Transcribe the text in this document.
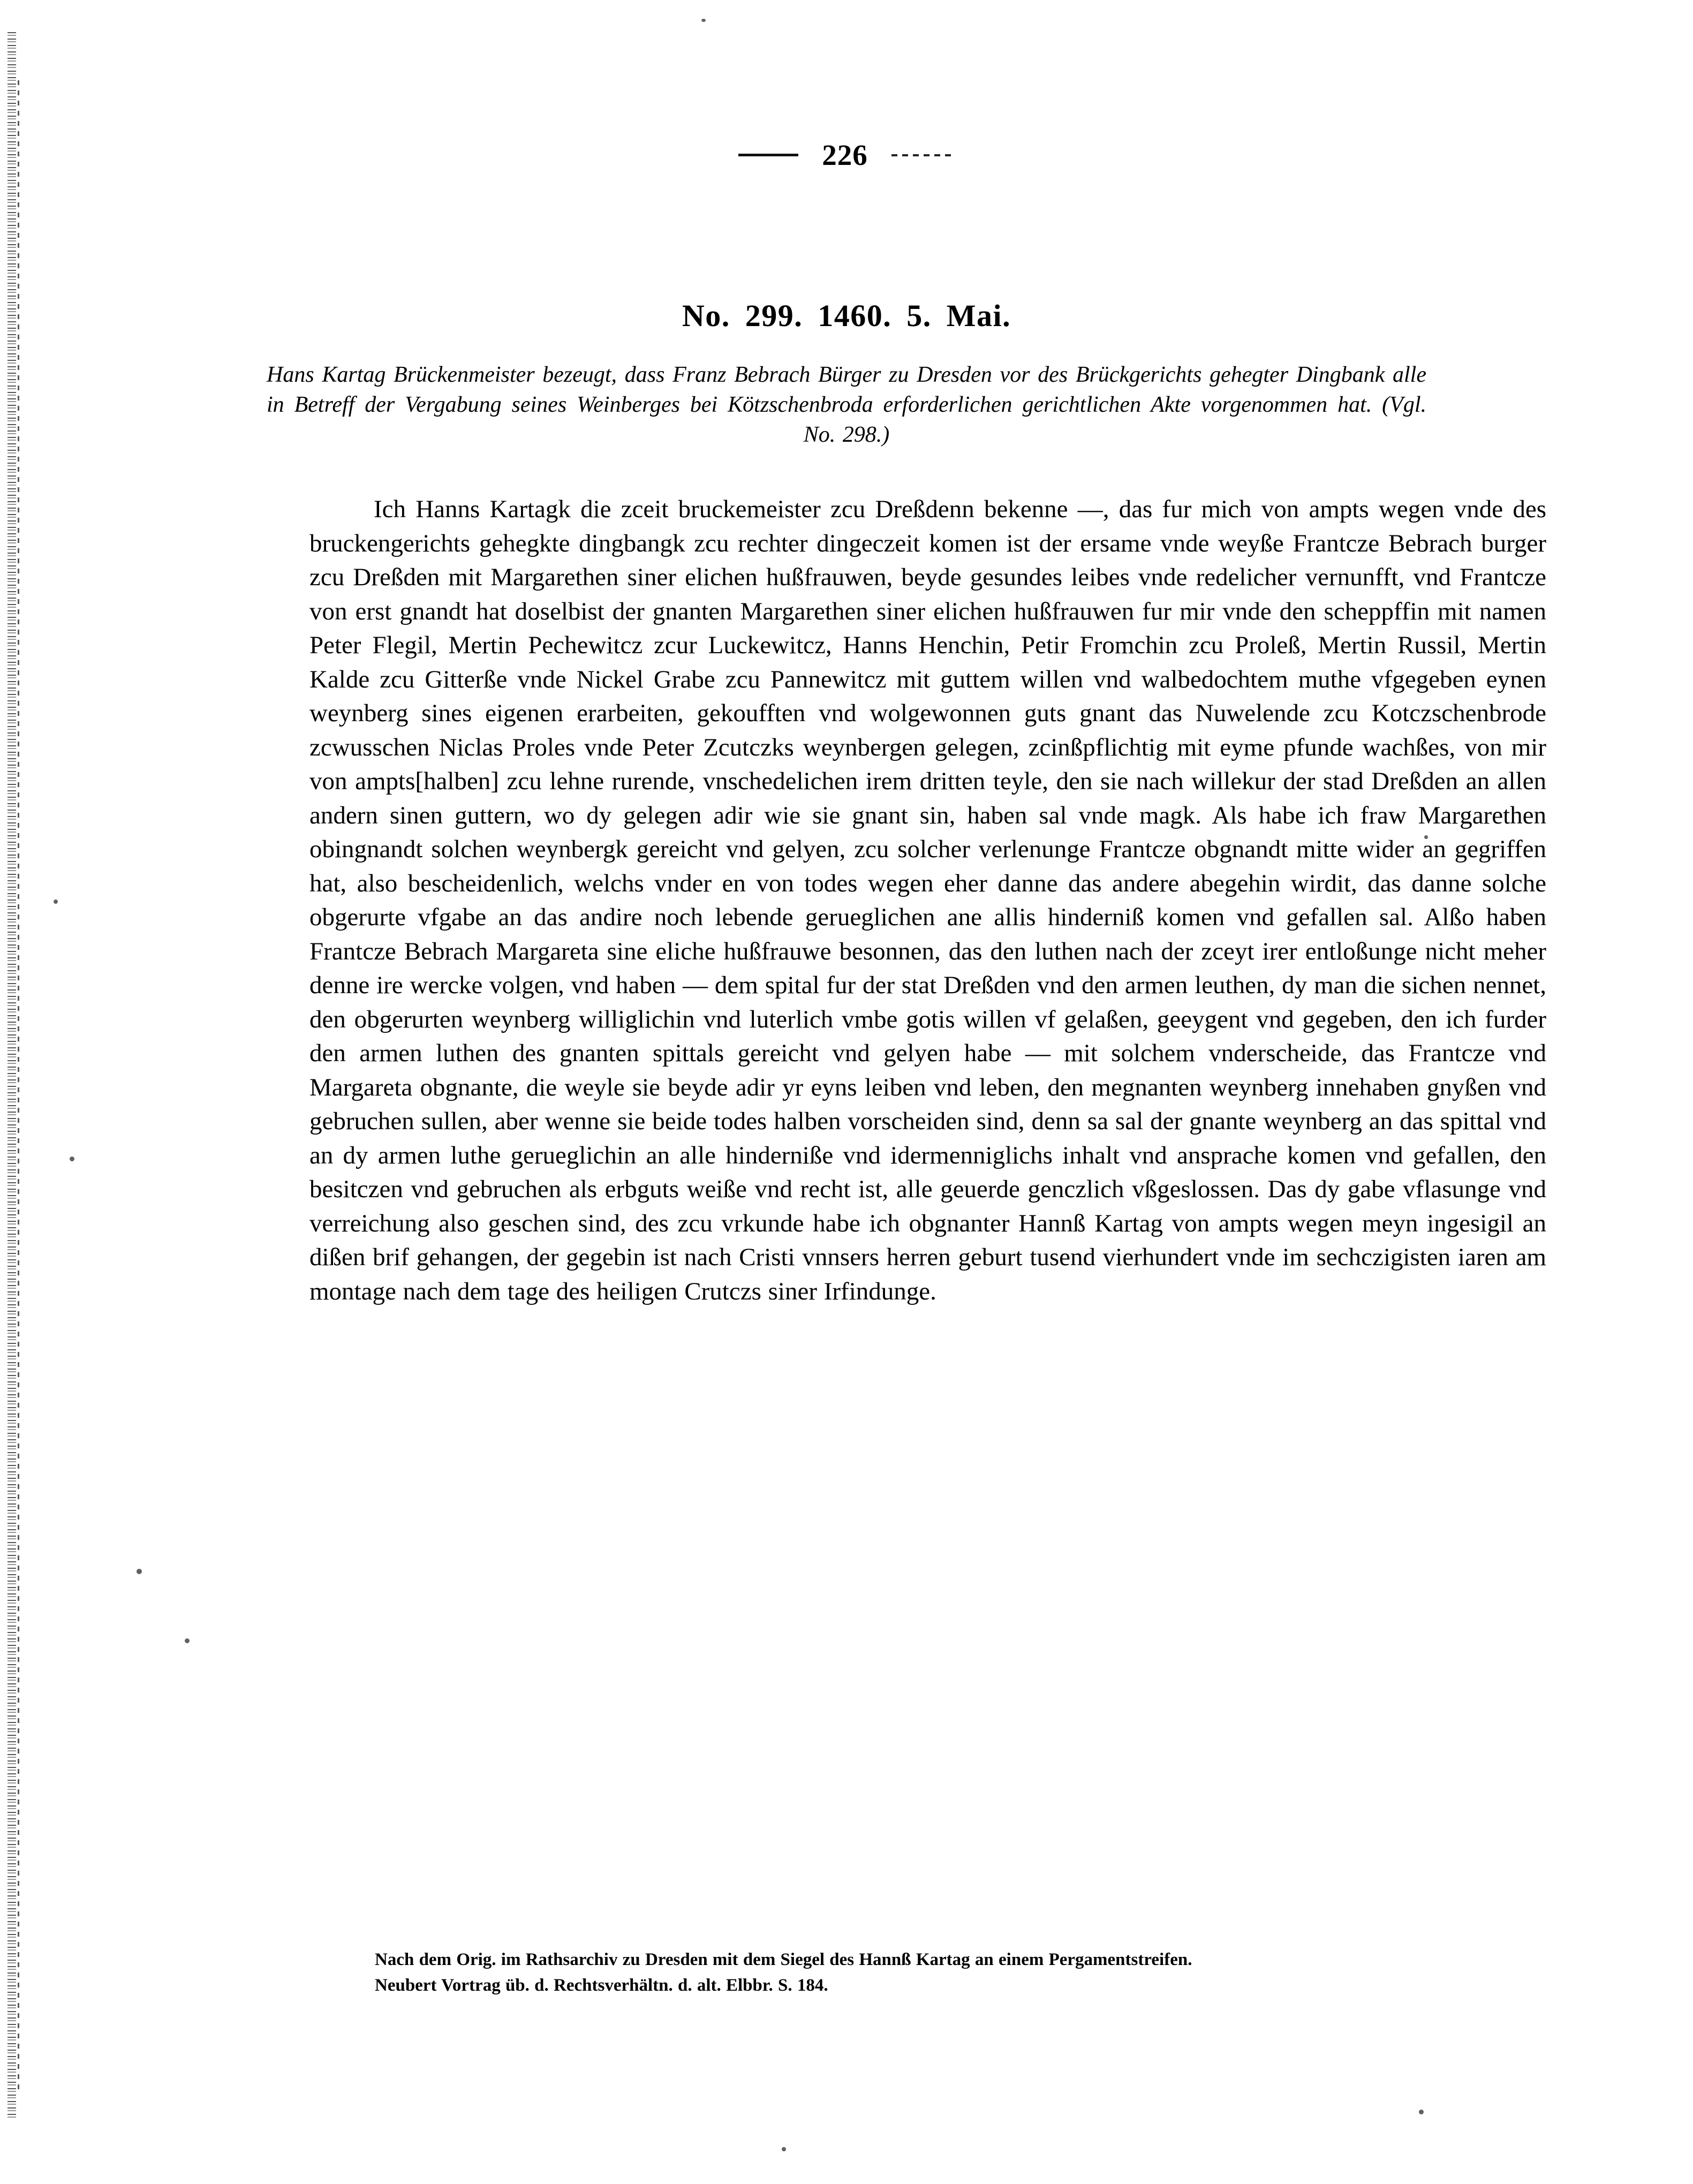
226
No. 299. 1460. 5. Mai.
Hans Kartag Brückenmeister bezeugt, dass Franz Bebrach Bürger zu Dresden vor des Brückgerichts gehegter Dingbank alle in Betreff der Vergabung seines Weinberges bei Kötzschenbroda erforderlichen gerichtlichen Akte vorgenommen hat. (Vgl. No. 298.)
Ich Hanns Kartagk die zceit bruckemeister zcu Dreßdenn bekenne —, das fur mich von ampts wegen vnde des bruckengerichts gehegkte dingbangk zcu rechter dingeczeit komen ist der ersame vnde weyße Frantcze Bebrach burger zcu Dreßden mit Margarethen siner elichen hußfrauwen, beyde gesundes leibes vnde redelicher vernunfft, vnd Frantcze von erst gnandt hat doselbist der gnanten Margarethen siner elichen hußfrauwen fur mir vnde den scheppffin mit namen Peter Flegil, Mertin Pechewitcz zcur Luckewitcz, Hanns Henchin, Petir Fromchin zcu Proleß, Mertin Russil, Mertin Kalde zcu Gitterße vnde Nickel Grabe zcu Pannewitcz mit guttem willen vnd walbedochtem muthe vfgegeben eynen weynberg sines eigenen erarbeiten, gekoufften vnd wolgewonnen guts gnant das Nuwelende zcu Kotczschenbrode zcwusschen Niclas Proles vnde Peter Zcutczks weynbergen gelegen, zcinßpflichtig mit eyme pfunde wachßes, von mir von ampts[halben] zcu lehne rurende, vnschedelichen irem dritten teyle, den sie nach willekur der stad Dreßden an allen andern sinen guttern, wo dy gelegen adir wie sie gnant sin, haben sal vnde magk. Als habe ich fraw Margarethen obingnandt solchen weynbergk gereicht vnd gelyen, zcu solcher verlenunge Frantcze obgnandt mitte wider an gegriffen hat, also bescheidenlich, welchs vnder en von todes wegen eher danne das andere abegehin wirdit, das danne solche obgerurte vfgabe an das andire noch lebende gerueglichen ane allis hinderniß komen vnd gefallen sal. Alßo haben Frantcze Bebrach Margareta sine eliche hußfrauwe besonnen, das den luthen nach der zceyt irer entloßunge nicht meher denne ire wercke volgen, vnd haben — dem spital fur der stat Dreßden vnd den armen leuthen, dy man die sichen nennet, den obgerurten weynberg williglichin vnd luterlich vmbe gotis willen vf gelaßen, geeygent vnd gegeben, den ich furder den armen luthen des gnanten spittals gereicht vnd gelyen habe — mit solchem vnderscheide, das Frantcze vnd Margareta obgnante, die weyle sie beyde adir yr eyns leiben vnd leben, den megnanten weynberg innehaben gnyßen vnd gebruchen sullen, aber wenne sie beide todes halben vorscheiden sind, denn sa sal der gnante weynberg an das spittal vnd an dy armen luthe gerueglichin an alle hinderniße vnd idermenniglichs inhalt vnd ansprache komen vnd gefallen, den besitczen vnd gebruchen als erbguts weiße vnd recht ist, alle geuerde genczlich vßgeslossen. Das dy gabe vflasunge vnd verreichung also geschen sind, des zcu vrkunde habe ich obgnanter Hannß Kartag von ampts wegen meyn ingesigil an dißen brif gehangen, der gegebin ist nach Cristi vnnsers herren geburt tusend vierhundert vnde im sechczigisten iaren am montage nach dem tage des heiligen Crutczs siner Irfindunge.
Nach dem Orig. im Rathsarchiv zu Dresden mit dem Siegel des Hannß Kartag an einem Pergamentstreifen.
Neubert Vortrag üb. d. Rechtsverhältn. d. alt. Elbbr. S. 184.
